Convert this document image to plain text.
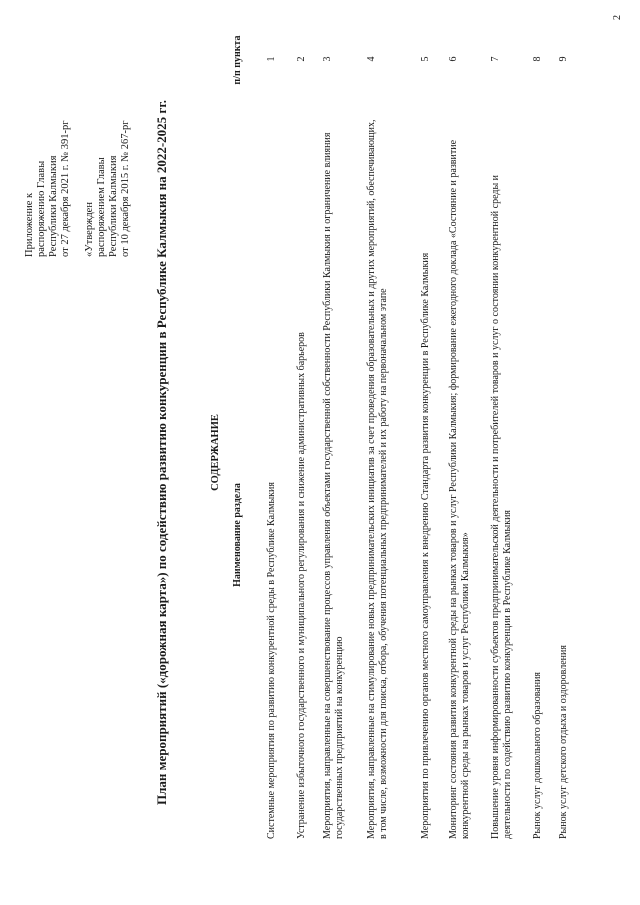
Приложение к распоряжению Главы Республики Калмыкия от 27 декабря 2021 г. № 391-рг «Утвержден распоряжением Главы Республики Калмыкия от 10 декабря 2015 г. № 267-рг План мероприятий («дорожная карта») по содействию развитию конкуренции в Республике Калмыкия на 2022-2025 гг.	СОДЕРЖАНИЕ
Наименование раздела
п/п пункта
Системные мероприятия по развитию конкурентной среды в Республике Калмыкия
1
Устранение избыточного государственного и муниципального регулирования и снижение административных барьеров
2
Мероприятия, направленные на совершенствование процессов управления объектами государственной собственности Республики Калмыкия и ограничение влияния государственных предприятий на конкуренцию
3
Мероприятия, направленные на стимулирование новых предпринимательских инициатив за счет проведения образовательных и других мероприятий, обеспечивающих, в том числе, возможности для поиска, отбора, обучения потенциальных предпринимателей и их работу на первоначальном этапе
4
Мероприятия по привлечению органов местного самоуправления к внедрению Стандарта развития конкуренции в Республике Калмыкия
5
Мониторинг состояния развития конкурентной среды на рынках товаров и услуг Республики Калмыкия; формирование ежегодного доклада «Состояние и развитие конкурентной среды на рынках товаров и услуг Республики Калмыкия»
6
Повышение уровня информированности субъектов предпринимательской деятельности и потребителей товаров и услуг о состоянии конкурентной среды и деятельности по содействию развитию конкуренции в Республике Калмыкия
7
Рынок услуг дошкольного образования
8
Рынок услуг детского отдыха и оздоровления
9
2
